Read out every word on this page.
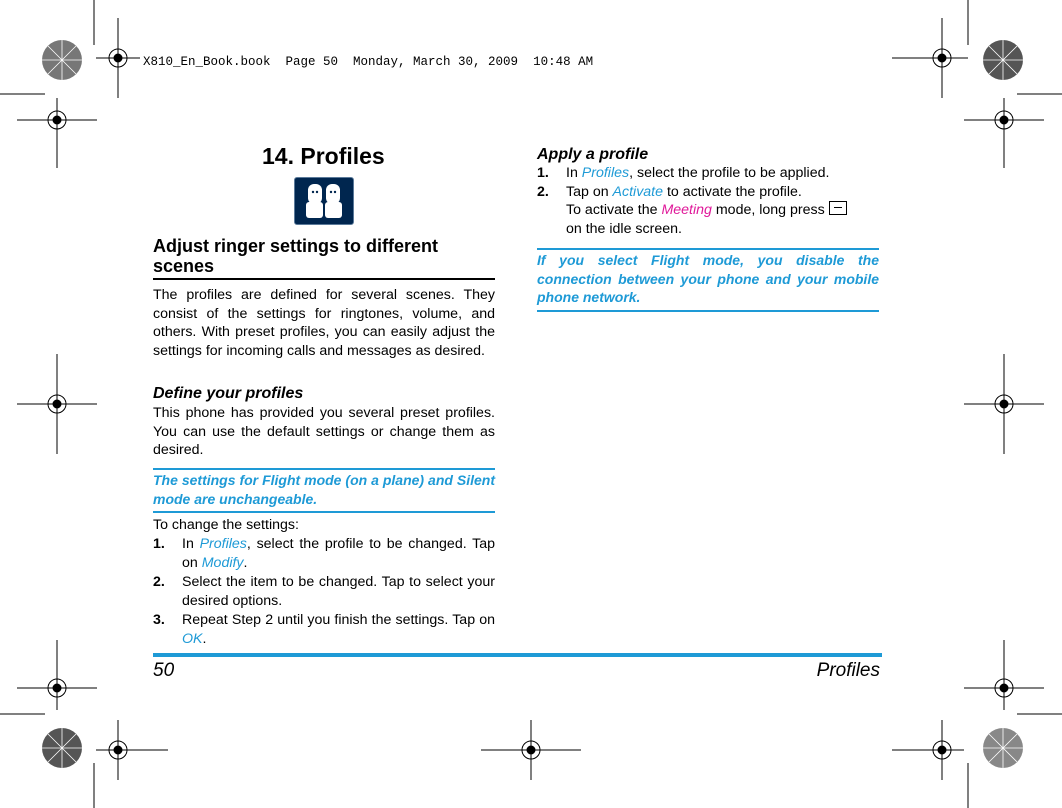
X810_En_Book.book  Page 50  Monday, March 30, 2009  10:48 AM
14. Profiles
Adjust ringer settings to different scenes
The profiles are defined for several scenes. They consist of the settings for ringtones, volume, and others. With preset profiles, you can easily adjust the settings for incoming calls and messages as desired.
Define your profiles
This phone has provided you several preset profiles. You can use the default settings or change them as desired.
The settings for Flight mode (on a plane) and Silent mode are unchangeable.
To change the settings:
1. In Profiles, select the profile to be changed. Tap on Modify.
2. Select the item to be changed. Tap to select your desired options.
3. Repeat Step 2 until you finish the settings. Tap on OK.
Apply a profile
1. In Profiles, select the profile to be applied.
2. Tap on Activate to activate the profile.
To activate the Meeting mode, long press
on the idle screen.
If you select Flight mode, you disable the connection between your phone and your mobile phone network.
50	Profiles
